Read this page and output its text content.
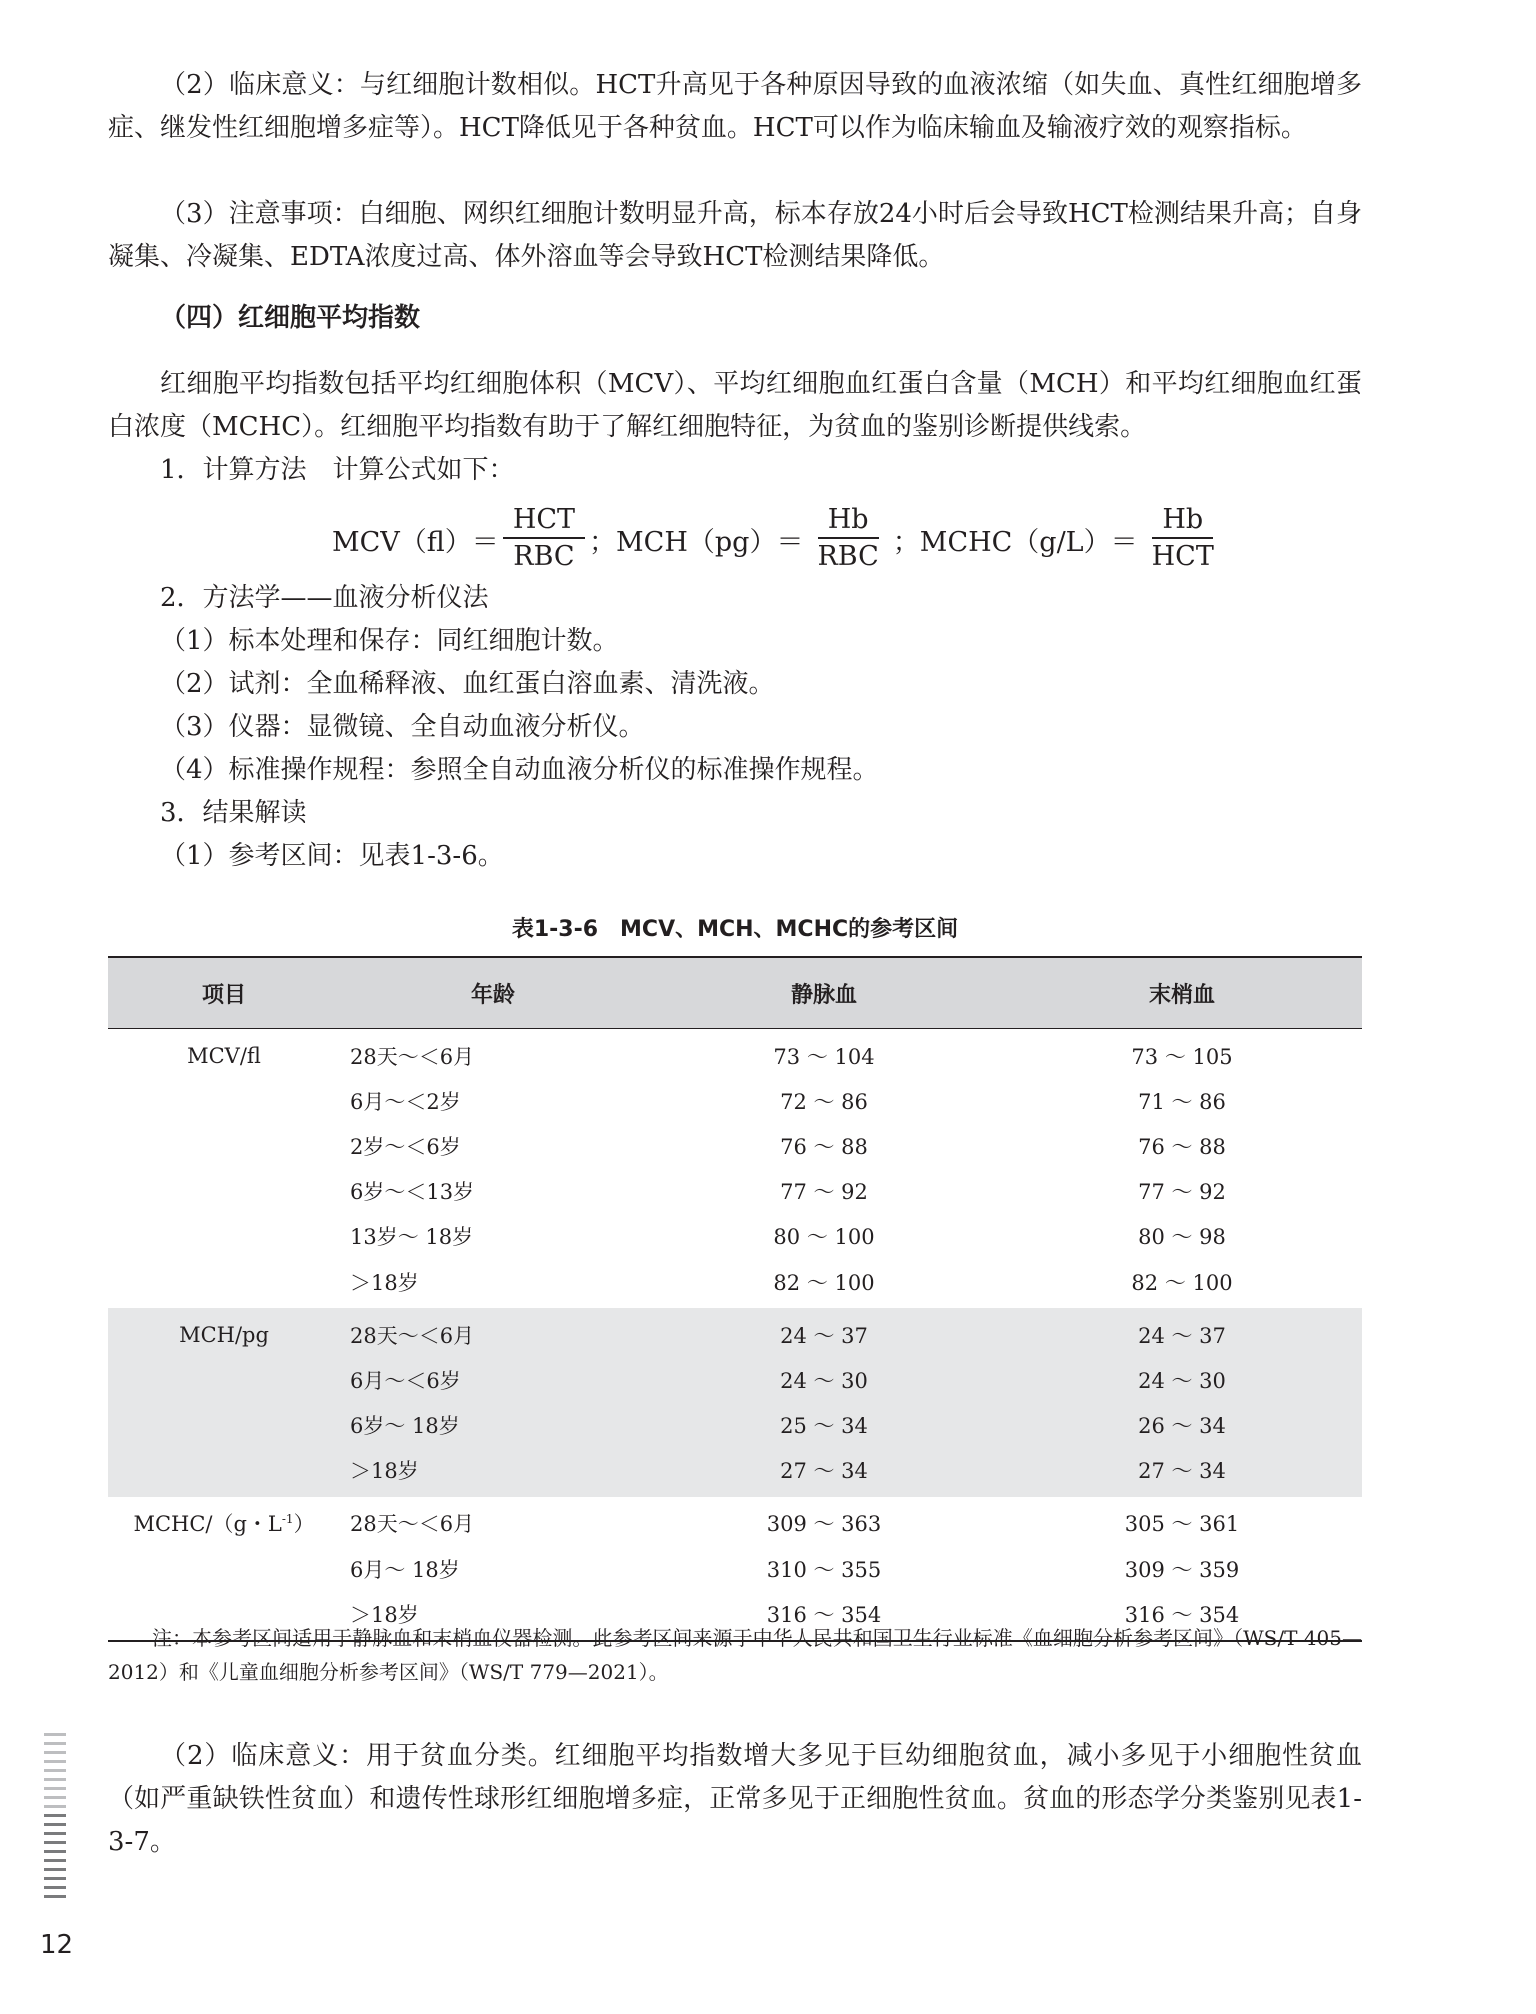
（2）临床意义：与红细胞计数相似。HCT升高见于各种原因导致的血液浓缩（如失血、真性红细胞增多症、继发性红细胞增多症等）。HCT降低见于各种贫血。HCT可以作为临床输血及输液疗效的观察指标。

（3）注意事项：白细胞、网织红细胞计数明显升高，标本存放24小时后会导致HCT检测结果升高；自身凝集、冷凝集、EDTA浓度过高、体外溶血等会导致HCT检测结果降低。

（四）红细胞平均指数

红细胞平均指数包括平均红细胞体积（MCV）、平均红细胞血红蛋白含量（MCH）和平均红细胞血红蛋白浓度（MCHC）。红细胞平均指数有助于了解红细胞特征，为贫血的鉴别诊断提供线索。

1．计算方法　计算公式如下：

$MCV(fl)= \frac{\text{HCT}}{\text{RBC}}$ ；$MCH(pg)= \frac{Hb}{\text{RBC}}$ ；MCHC（g/L）＝ $\frac{Hb}{\text{HCT}}$

2．方法学——血液分析仪法

（1）标本处理和保存：同红细胞计数。

（2）试剂：全血稀释液、血红蛋白溶血素、清洗液。

（3）仪器：显微镜、全自动血液分析仪。

（4）标准操作规程：参照全自动血液分析仪的标准操作规程。

3．结果解读

（1）参考区间：见表1-3-6。

表1-3-6　MCV、MCH、MCHC的参考区间
项目	年龄	静脉血	末梢血
MCV/fl	28天～＜6月	73 ～ 104	73 ～ 105
6月～＜2岁	72 ～ 86	71 ～ 86
2岁～＜6岁	76 ～ 88	76 ～ 88
6岁～＜13岁	77 ～ 92	77 ～ 92
13岁～ 18岁	80 ～ 100	80 ～ 98
＞18岁	82 ～ 100	82 ～ 100
MCH/pg	28天～＜6月	24 ～ 37	24 ～ 37
6月～＜6岁	24 ～ 30	24 ～ 30
6岁～ 18岁	25 ～ 34	26 ～ 34
＞18岁	27 ～ 34	27 ～ 34
MCHC/（g・$L^{-1}$）	28天～＜6月	309 ～ 363	305 ～ 361
6月～ 18岁	310 ～ 355	309 ～ 359
＞18岁	316 ～ 354	316 ～ 354

注：本参考区间适用于静脉血和末梢血仪器检测。此参考区间来源于中华人民共和国卫生行业标准《血细胞分析参考区间》（WS/T 405—2012）和《儿童血细胞分析参考区间》（WS/T 779—2021）。

（2）临床意义：用于贫血分类。红细胞平均指数增大多见于巨幼细胞贫血，减小多见于小细胞性贫血（如严重缺铁性贫血）和遗传性球形红细胞增多症，正常多见于正细胞性贫血。贫血的形态学分类鉴别见表1-3-7。

12
